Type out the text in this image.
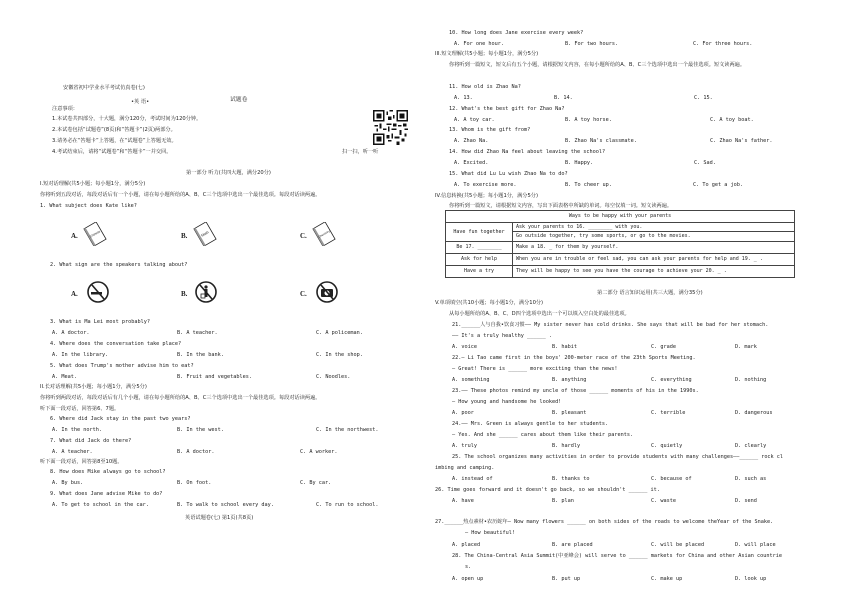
安徽省初中学业水平考试仿真卷(七)
•英 语•	试题卷
注意事项：
1.本试卷共四部分，十大题，满分120分，考试时间为120分钟。
2.本试卷包括“试题卷”(8页)和“答题卡”(2页)两部分。
3.请务必在“答题卡”上答题，在“试题卷”上答题无效。
4.考试结束后，请将“试题卷”和“答题卡”一并交回。	扫一扫，听一听
第一部分 听力(共四大题，满分20分)
I.短对话理解(共5小题；每小题1分，满分5分)
你将听到五段对话，每段对话后有一个小题，请在每小题所给的A、B、C三个选项中选出一个最佳选项。每段对话读两遍。
1. What subject does Kate like?
A.	Chinese	B.	Math	C.	Chemistry
2. What sign are the speakers talking about?
A.	B.	C.
3. What is Ma Lei most probably?
A. A doctor.	B. A teacher.	C. A policeman.
4. Where does the conversation take place?
A. In the library.	B. In the bank.	C. In the shop.
5. What does Trump's mother advise him to eat?
A. Meat.	B. Fruit and vegetables.	C. Noodles.
II.长对话理解(共5小题；每小题1分，满分5分)
你将听到两段对话，每段对话后有几个小题，请在每小题所给的A、B、C三个选项中选出一个最佳选项。每段对话读两遍。
听下面一段对话，回答第6、7题。
6. Where did Jack stay in the past two years?
A. In the north.	B. In the west.	C. In the northwest.
7. What did Jack do there?
A. A teacher.	B. A doctor.	C. A worker.
听下面一段对话，回答第8至10题。
8. How does Mike always go to school?
A. By bus.	B. On foot.	C. By car.
9. What does Jane advise Mike to do?
A. To get to school in the car.	B. To walk to school every day.	C. To run to school.
英语试题卷(七) 第1页(共8页)
10. How long does Jane exercise every week?
A. For one hour.	B. For two hours.	C. For three hours.
III.短文理解(共5小题；每小题1分，满分5分)
你将听到一篇短文，短文后有五个小题，请根据短文内容，在每小题所给的A、B、C三个选项中选出一个最佳选项。短文读两遍。
11. How old is Zhao Na?
A. 13.	B. 14.	C. 15.
12. What's the best gift for Zhao Na?
A. A toy car.	B. A toy horse.	C. A toy boat.
13. Whom is the gift from?
A. Zhao Na.	B. Zhao Na's classmate.	C. Zhao Na's father.
14. How did Zhao Na feel about leaving the school?
A. Excited.	B. Happy.	C. Sad.
15. What did Lu Lu wish Zhao Na to do?
A. To exercise more.	B. To cheer up.	C. To get a job.
IV.信息转换(共5小题；每小题1分，满分5分)
你将听到一篇短文，请根据短文内容，写出下面表格中所缺的单词。每空仅填一词。短文读两遍。
Ways to be happy with your parents	
Have fun together	Ask your parents to 16. ________ with you.
Go outside together, try some sports, or go to the movies.

Be 17. ________	Make a 18. _ for them by yourself.
Ask for help	When you are in trouble or feel sad, you can ask your parents for help and 19. _ .
Have a try	They will be happy to see you have the courage to achieve your 20. _ .
第二部分 语言知识运用(共三大题，满分35分)
V.单项填空(共10小题；每小题1分，满分10分)
从每小题所给的A、B、C、D四个选项中选出一个可以填入空白处的最佳选项。
21.______人与自我•饮食习惯—— My sister never has cold drinks. She says that will be bad for her stomach.
—— It's a truly healthy ______ .
A. voice	B. habit	C. grade	D. mark
22.— Li Tao came first in the boys' 200-meter race of the 23th Sports Meeting.
— Great! There is ______ more exciting than the news!
A. something	B. anything	C. everything	D. nothing
23.—— These photos remind my uncle of those ______ moments of his in the 1990s.
— How young and handsome he looked!
A. poor	B. pleasant	C. terrible	D. dangerous
24.—— Mrs. Green is always gentle to her students.
— Yes. And she ______ cares about them like their parents.
A. truly	B. hardly	C. quietly	D. clearly
25. The school organizes many activities in order to provide students with many challenges——______ rock cl
imbing and camping.
A. instead of	B. thanks to	C. because of	D. such as
26. Time goes forward and it doesn't go back, so we shouldn't ______ it.
A. have	B. plan	C. waste	D. send
27.______热点素材•农历蛇年— Now many flowers ______ on both sides of the roads to welcome theYear of the Snake.
— How beautiful!
A. placed	B. are placed	C. will be placed	D. will place
28. The China-Central Asia Summit(中亚峰会) will serve to ______ markets for China and other Asian countrie
s.
A. open up	B. put up	C. make up	D. look up
